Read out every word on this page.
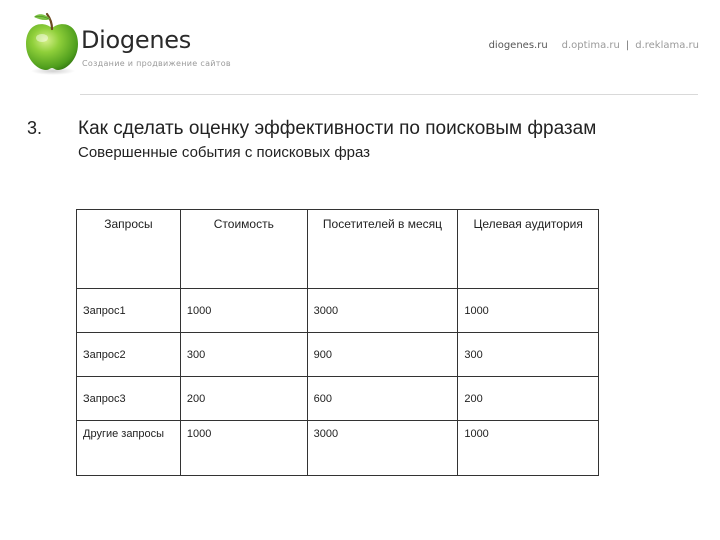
Diogenes
Создание и продвижение сайтов
diogenes.ru d.optima.ru | d.reklama.ru
3. Как сделать оценку эффективности по поисковым фразам
Совершенные события с поисковых фраз
Запросы	Стоимость	Посетителей в месяц	Целевая аудитория
Запрос1	1000	3000	1000
Запрос2	300	900	300
Запрос3	200	600	200
Другие запросы	1000	3000	1000
